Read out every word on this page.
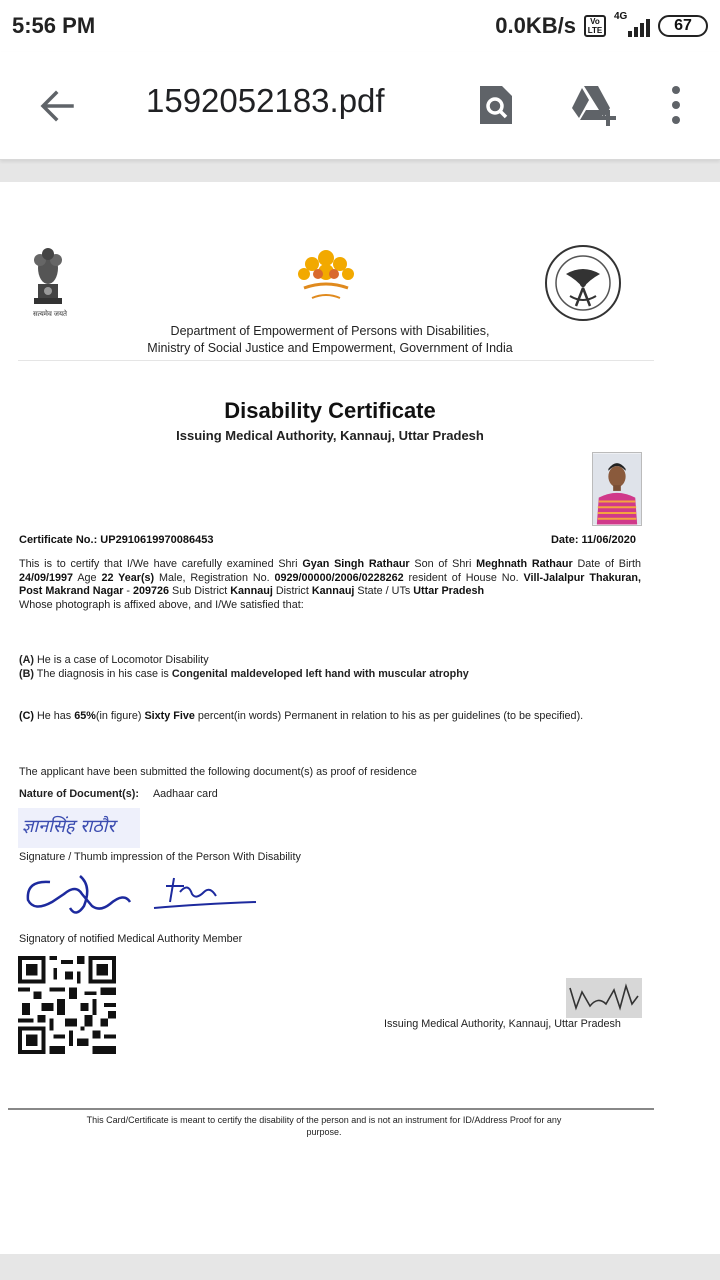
5:56 PM	0.0KB/s Vo
LTE
4G
67
1592052183.pdf
सत्यमेव जयते
Department of Empowerment of Persons with Disabilities,
Ministry of Social Justice and Empowerment, Government of India
Disability Certificate
Issuing Medical Authority, Kannauj, Uttar Pradesh
Certificate No.: UP2910619970086453	Date: 11/06/2020
This is to certify that I/We have carefully examined Shri Gyan Singh Rathaur Son of Shri Meghnath Rathaur Date of Birth 24/09/1997 Age 22 Year(s) Male, Registration No. 0929/00000/2006/0228262 resident of House No. Vill-Jalalpur Thakuran, Post Makrand Nagar - 209726 Sub District Kannauj District Kannauj State / UTs Uttar Pradesh
Whose photograph is affixed above, and I/We satisfied that:
(A) He is a case of Locomotor Disability
(B) The diagnosis in his case is Congenital maldeveloped left hand with muscular atrophy
(C) He has 65%(in figure) Sixty Five percent(in words) Permanent in relation to his as per guidelines (to be specified).
The applicant have been submitted the following document(s) as proof of residence
Nature of Document(s): Aadhaar card
ज्ञानसिंह राठौर
Signature / Thumb impression of the Person With Disability
Signatory of notified Medical Authority Member
Issuing Medical Authority, Kannauj, Uttar Pradesh
This Card/Certificate is meant to certify the disability of the person and is not an instrument for ID/Address Proof for any
purpose.
